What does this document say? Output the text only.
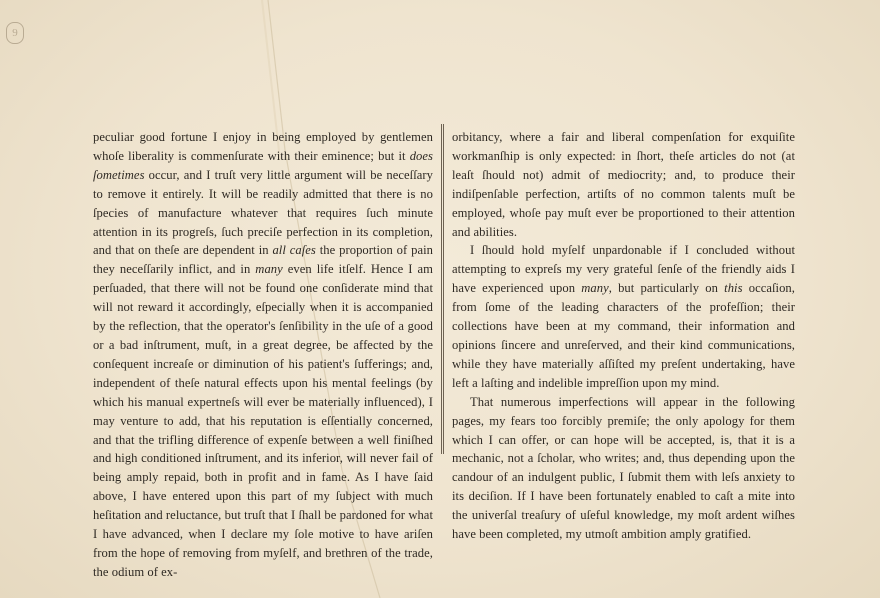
9

peculiar good fortune I enjoy in being employed by gentlemen whoſe liberality is commenſurate with their eminence; but it does ſometimes occur, and I truſt very little argument will be neceſſary to remove it entirely. It will be readily admitted that there is no ſpecies of manufacture whatever that requires ſuch minute attention in its progreſs, ſuch preciſe perfection in its completion, and that on theſe are dependent in all caſes the proportion of pain they neceſſarily inflict, and in many even life itſelf. Hence I am perſuaded, that there will not be found one conſiderate mind that will not reward it accordingly, eſpecially when it is accompanied by the reflection, that the operator's ſenſibility in the uſe of a good or a bad inſtrument, muſt, in a great degree, be affected by the conſequent increaſe or diminution of his patient's ſufferings; and, independent of theſe natural effects upon his mental feelings (by which his manual expertneſs will ever be materially influenced), I may venture to add, that his reputation is eſſentially concerned, and that the trifling difference of expenſe between a well finiſhed and high conditioned inſtrument, and its inferior, will never fail of being amply repaid, both in profit and in fame. As I have ſaid above, I have entered upon this part of my ſubject with much heſitation and reluctance, but truſt that I ſhall be pardoned for what I have advanced, when I declare my ſole motive to have ariſen from the hope of removing from myſelf, and brethren of the trade, the odium of ex-

orbitancy, where a fair and liberal compenſation for exquiſite workmanſhip is only expected: in ſhort, theſe articles do not (at leaſt ſhould not) admit of mediocrity; and, to produce their indiſpenſable perfection, artiſts of no common talents muſt be employed, whoſe pay muſt ever be proportioned to their attention and abilities.

I ſhould hold myſelf unpardonable if I concluded without attempting to expreſs my very grateful ſenſe of the friendly aids I have experienced upon many, but particularly on this occaſion, from ſome of the leading characters of the profeſſion; their collections have been at my command, their information and opinions ſincere and unreſerved, and their kind communications, while they have materially aſſiſted my preſent undertaking, have left a laſting and indelible impreſſion upon my mind.

That numerous imperfections will appear in the following pages, my fears too forcibly premiſe; the only apology for them which I can offer, or can hope will be accepted, is, that it is a mechanic, not a ſcholar, who writes; and, thus depending upon the candour of an indulgent public, I ſubmit them with leſs anxiety to its deciſion. If I have been fortunately enabled to caſt a mite into the univerſal treaſury of uſeful knowledge, my moſt ardent wiſhes have been completed, my utmoſt ambition amply gratified.
